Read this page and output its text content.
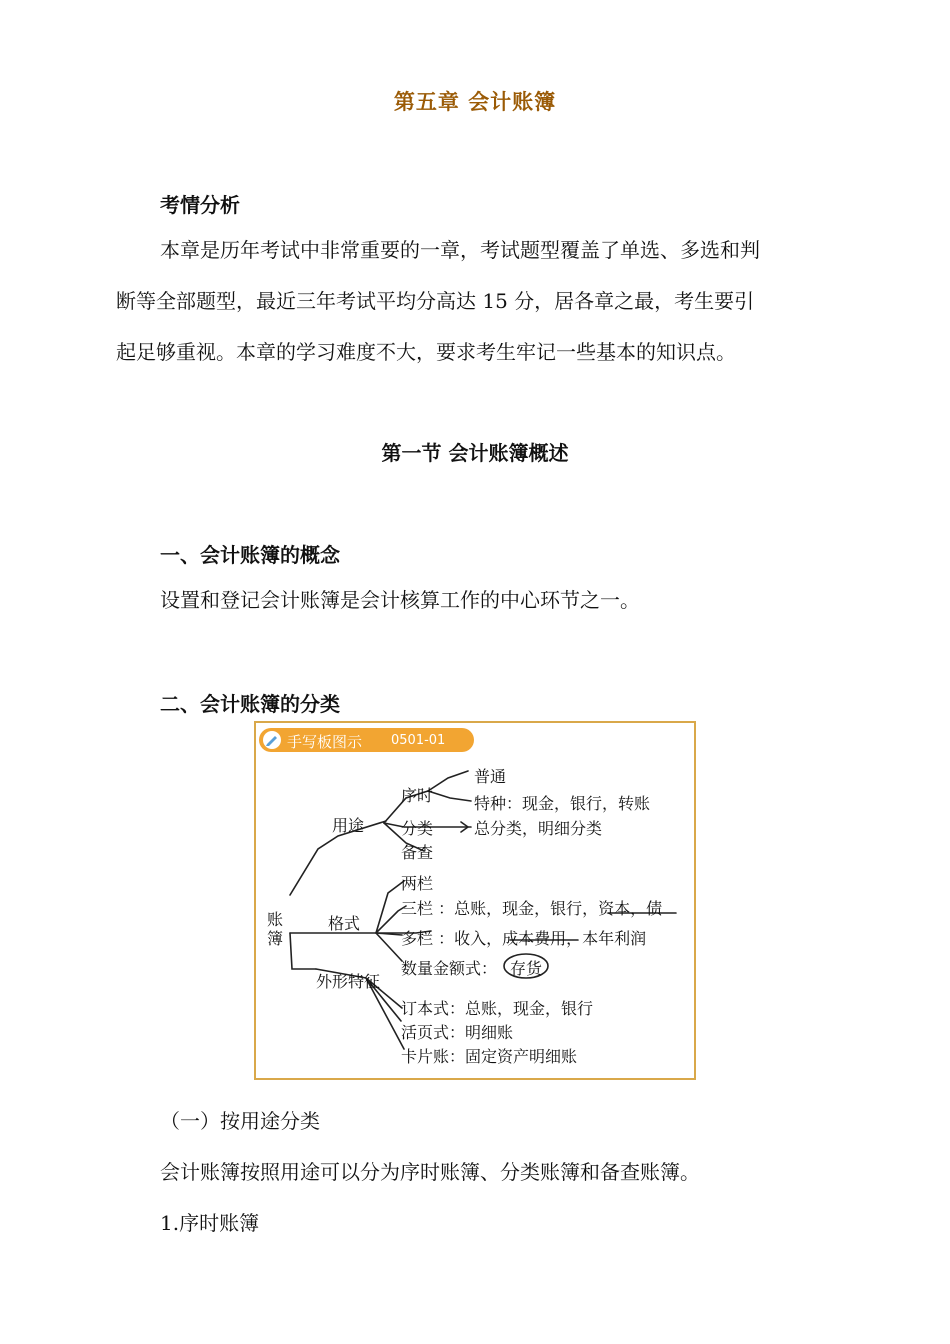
第五章 会计账簿
考情分析
本章是历年考试中非常重要的一章，考试题型覆盖了单选、多选和判
断等全部题型，最近三年考试平均分高达 15 分，居各章之最，考生要引
起足够重视。本章的学习难度不大，要求考生牢记一些基本的知识点。
第一节 会计账簿概述
一、会计账簿的概念
设置和登记会计账簿是会计核算工作的中心环节之一。
二、会计账簿的分类
手写板图示 0501-01
账簿
用途
格式
外形特征
序时
普通
特种：现金，银行，转账
分类	总分类，明细分类
备查
两栏
三栏 ：总账，现金，银行，资本，债
多栏 ：收入，成本费用，本年利润
数量金额式： 存货
订本式：总账，现金，银行
活页式：明细账
卡片账：固定资产明细账
（一）按用途分类
会计账簿按照用途可以分为序时账簿、分类账簿和备查账簿。
1.序时账簿
